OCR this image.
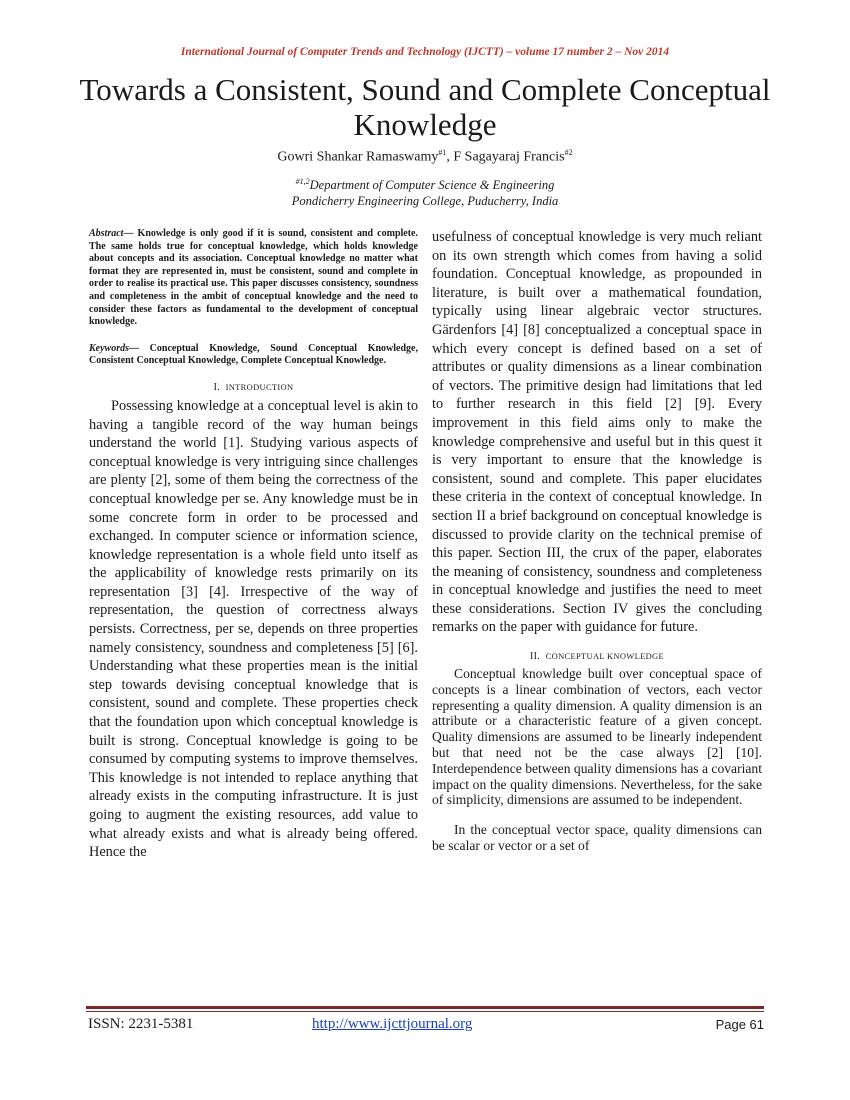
International Journal of Computer Trends and Technology (IJCTT) – volume 17 number 2 – Nov 2014
Towards a Consistent, Sound and Complete Conceptual Knowledge
Gowri Shankar Ramaswamy$^{\#1}$, F Sagayaraj Francis$^{\#2}$
$^{\#1,2}$Department of Computer Science & Engineering
Pondicherry Engineering College, Puducherry, India

Abstract— Knowledge is only good if it is sound, consistent and complete. The same holds true for conceptual knowledge, which holds knowledge about concepts and its association. Conceptual knowledge no matter what format they are represented in, must be consistent, sound and complete in order to realise its practical use. This paper discusses consistency, soundness and completeness in the ambit of conceptual knowledge and the need to consider these factors as fundamental to the development of conceptual knowledge.

Keywords— Conceptual Knowledge, Sound Conceptual Knowledge, Consistent Conceptual Knowledge, Complete Conceptual Knowledge.

I. INTRODUCTION

Possessing knowledge at a conceptual level is akin to having a tangible record of the way human beings understand the world [1]. Studying various aspects of conceptual knowledge is very intriguing since challenges are plenty [2], some of them being the correctness of the conceptual knowledge per se. Any knowledge must be in some concrete form in order to be processed and exchanged. In computer science or information science, knowledge representation is a whole field unto itself as the applicability of knowledge rests primarily on its representation [3] [4]. Irrespective of the way of representation, the question of correctness always persists. Correctness, per se, depends on three properties namely consistency, soundness and completeness [5] [6]. Understanding what these properties mean is the initial step towards devising conceptual knowledge that is consistent, sound and complete. These properties check that the foundation upon which conceptual knowledge is built is strong. Conceptual knowledge is going to be consumed by computing systems to improve themselves. This knowledge is not intended to replace anything that already exists in the computing infrastructure. It is just going to augment the existing resources, add value to what already exists and what is already being offered. Hence the

usefulness of conceptual knowledge is very much reliant on its own strength which comes from having a solid foundation. Conceptual knowledge, as propounded in literature, is built over a mathematical foundation, typically using linear algebraic vector structures. Gärdenfors [4] [8] conceptualized a conceptual space in which every concept is defined based on a set of attributes or quality dimensions as a linear combination of vectors. The primitive design had limitations that led to further research in this field [2] [9]. Every improvement in this field aims only to make the knowledge comprehensive and useful but in this quest it is very important to ensure that the knowledge is consistent, sound and complete. This paper elucidates these criteria in the context of conceptual knowledge. In section II a brief background on conceptual knowledge is discussed to provide clarity on the technical premise of this paper. Section III, the crux of the paper, elaborates the meaning of consistency, soundness and completeness in conceptual knowledge and justifies the need to meet these considerations. Section IV gives the concluding remarks on the paper with guidance for future.

II. CONCEPTUAL KNOWLEDGE

Conceptual knowledge built over conceptual space of concepts is a linear combination of vectors, each vector representing a quality dimension. A quality dimension is an attribute or a characteristic feature of a given concept. Quality dimensions are assumed to be linearly independent but that need not be the case always [2] [10]. Interdependence between quality dimensions has a covariant impact on the quality dimensions. Nevertheless, for the sake of simplicity, dimensions are assumed to be independent.

In the conceptual vector space, quality dimensions can be scalar or vector or a set of

ISSN: 2231-5381	http://www.ijcttjournal.org	Page 61
